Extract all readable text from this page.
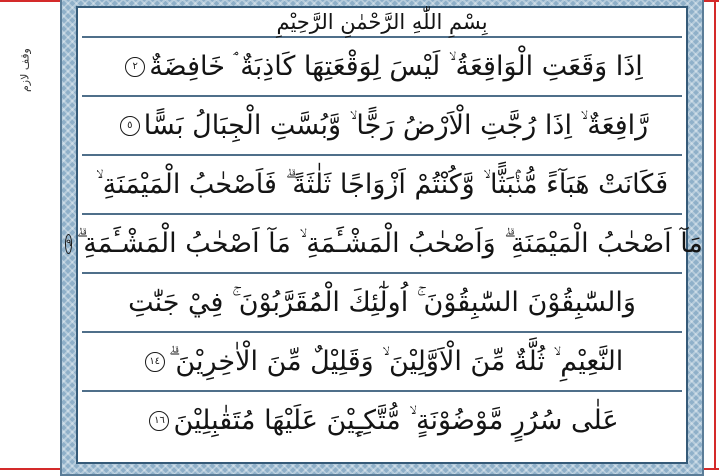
وقف لازم
بِسْمِ اللّٰهِ الرَّحْمٰنِ الرَّحِيْمِ
اِذَا وَقَعَتِ الْوَاقِعَةُ ۙ لَيْسَ لِوَقْعَتِهَا كَاذِبَةٌ ۘ خَافِضَةٌ
٢
رَّافِعَةٌ ۙ اِذَا رُجَّتِ الْاَرْضُ رَجًّا ۙ وَّبُسَّتِ الْجِبَالُ بَسًّا
٥
فَكَانَتْ هَبَآءً مُّنْۢبَثًّا ۙ وَّكُنْتُمْ اَزْوَاجًا ثَلٰثَةً ۗ فَاَصْحٰبُ الْمَيْمَنَةِ ۙ
مَآ اَصْحٰبُ الْمَيْمَنَةِ ۗ وَاَصْحٰبُ الْمَشْـَٔمَةِ ۙ مَآ اَصْحٰبُ الْمَشْـَٔمَةِ ۗ
٩
وَالسّٰبِقُوْنَ السّٰبِقُوْنَ ۚ اُولٰٓئِكَ الْمُقَرَّبُوْنَ ۚ فِيْ جَنّٰتِ
النَّعِيْمِ ۙ ثُلَّةٌ مِّنَ الْاَوَّلِيْنَ ۙ وَقَلِيْلٌ مِّنَ الْاٰخِرِيْنَ ۗ
١٤
عَلٰى سُرُرٍ مَّوْضُوْنَةٍ ۙ مُّتَّكِـِٕيْنَ عَلَيْهَا مُتَقٰبِلِيْنَ
١٦
